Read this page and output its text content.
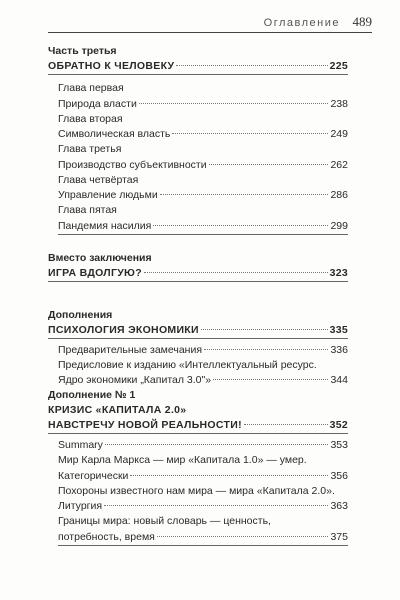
Оглавление 489
Часть третья
ОБРАТНО К ЧЕЛОВЕКУ	225
Глава первая
Природа власти	238
Глава вторая
Символическая власть	249
Глава третья
Производство субъективности	262
Глава четвёртая
Управление людьми	286
Глава пятая
Пандемия насилия	299
Вместо заключения
ИГРА ВДОЛГУЮ?	323
Дополнения
ПСИХОЛОГИЯ ЭКОНОМИКИ	335
Предварительные замечания	336
Предисловие к изданию «Интеллектуальный ресурс.
Ядро экономики „Капитал 3.0"»	344
Дополнение № 1
КРИЗИС «КАПИТАЛА 2.0»
НАВСТРЕЧУ НОВОЙ РЕАЛЬНОСТИ!	352
Summary	353
Мир Карла Маркса — мир «Капитала 1.0» — умер.
Категорически	356
Похороны известного нам мира — мира «Капитала 2.0».
Литургия	363
Границы мира: новый словарь — ценность,
потребность, время	375
